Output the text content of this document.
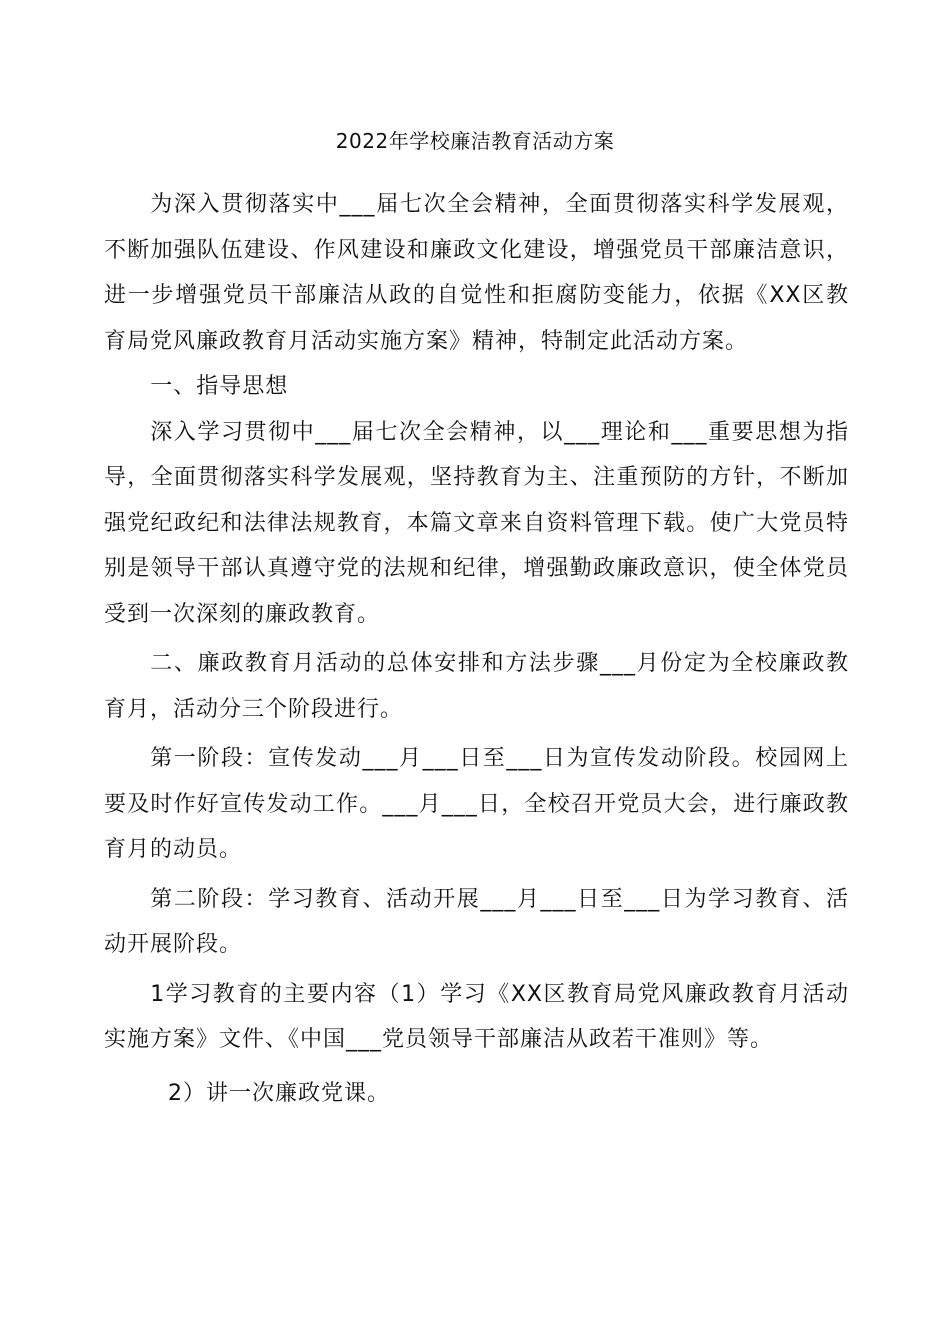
2022年学校廉洁教育活动方案

为深入贯彻落实中___届七次全会精神，全面贯彻落实科学发展观，不断加强队伍建设、作风建设和廉政文化建设，增强党员干部廉洁意识，进一步增强党员干部廉洁从政的自觉性和拒腐防变能力，依据《XX区教育局党风廉政教育月活动实施方案》精神，特制定此活动方案。

一、指导思想

深入学习贯彻中___届七次全会精神，以___理论和___重要思想为指导，全面贯彻落实科学发展观，坚持教育为主、注重预防的方针，不断加强党纪政纪和法律法规教育，本篇文章来自资料管理下载。使广大党员特别是领导干部认真遵守党的法规和纪律，增强勤政廉政意识，使全体党员受到一次深刻的廉政教育。

二、廉政教育月活动的总体安排和方法步骤___月份定为全校廉政教育月，活动分三个阶段进行。

第一阶段：宣传发动___月___日至___日为宣传发动阶段。校园网上要及时作好宣传发动工作。___月___日，全校召开党员大会，进行廉政教育月的动员。

第二阶段：学习教育、活动开展___月___日至___日为学习教育、活动开展阶段。

1学习教育的主要内容（1）学习《XX区教育局党风廉政教育月活动实施方案》文件、《中国___党员领导干部廉洁从政若干准则》等。

2）讲一次廉政党课。
